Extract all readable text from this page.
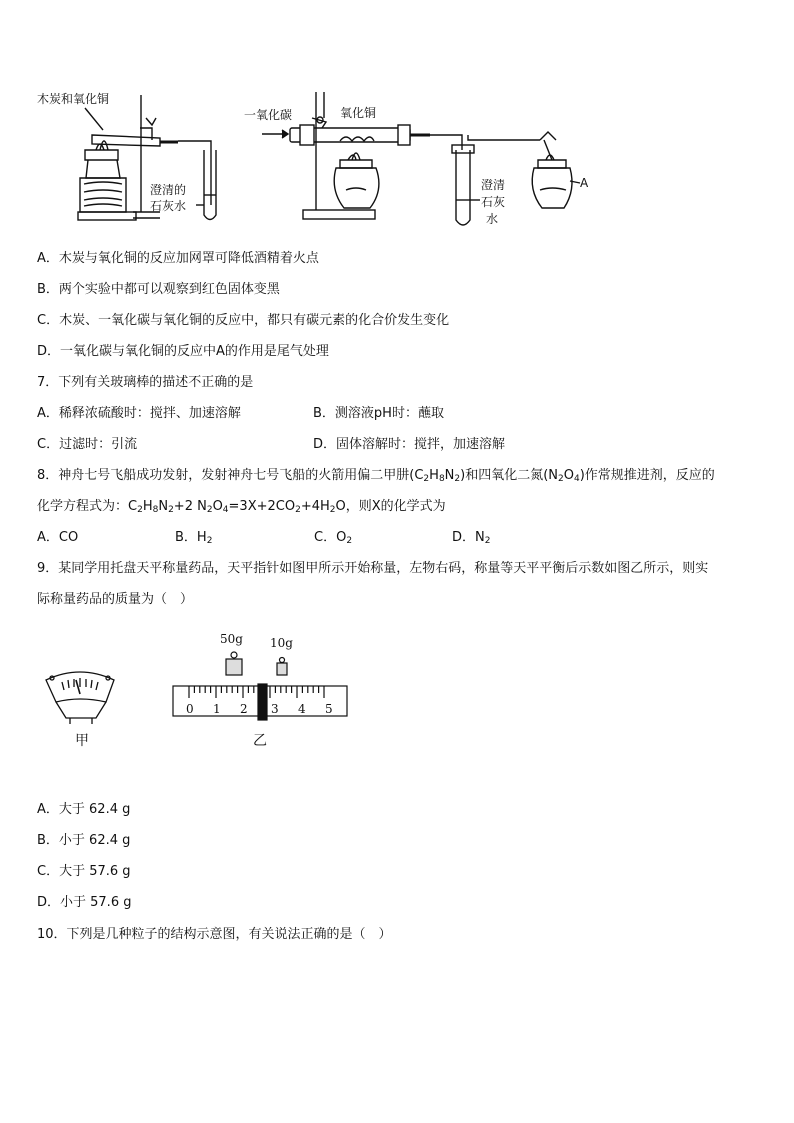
木炭和氧化铜
澄清的
石灰水
一氧化碳	氧化铜
澄清
石灰
水
A
A．木炭与氧化铜的反应加网罩可降低酒精着火点
B．两个实验中都可以观察到红色固体变黑
C．木炭、一氧化碳与氧化铜的反应中，都只有碳元素的化合价发生变化
D．一氧化碳与氧化铜的反应中A的作用是尾气处理
7．下列有关玻璃棒的描述不正确的是
A．稀释浓硫酸时：搅拌、加速溶解	B．测溶液pH时：蘸取
C．过滤时：引流	D．固体溶解时：搅拌，加速溶解
8．神舟七号飞船成功发射，发射神舟七号飞船的火箭用偏二甲肼$(C_2H_8N_2)$和四氧化二氮$(N_2O_4)$作常规推进剂，反应的
化学方程式为：$C_2H_8N_2+2$ $N_2O_4=3X+2CO_2+4H_2O$，则X的化学式为
A．CO	B．$H_2$	C．$O_2$	D．$N_2$
9．某同学用托盘天平称量药品，天平指针如图甲所示开始称量，左物右码，称量等天平平衡后示数如图乙所示，则实
际称量药品的质量为（　）
甲
50g 10g
0 1 2 3 4 5
乙
A．大于 62.4 g
B．小于 62.4 g
C．大于 57.6 g
D．小于 57.6 g
10．下列是几种粒子的结构示意图，有关说法正确的是（　）
